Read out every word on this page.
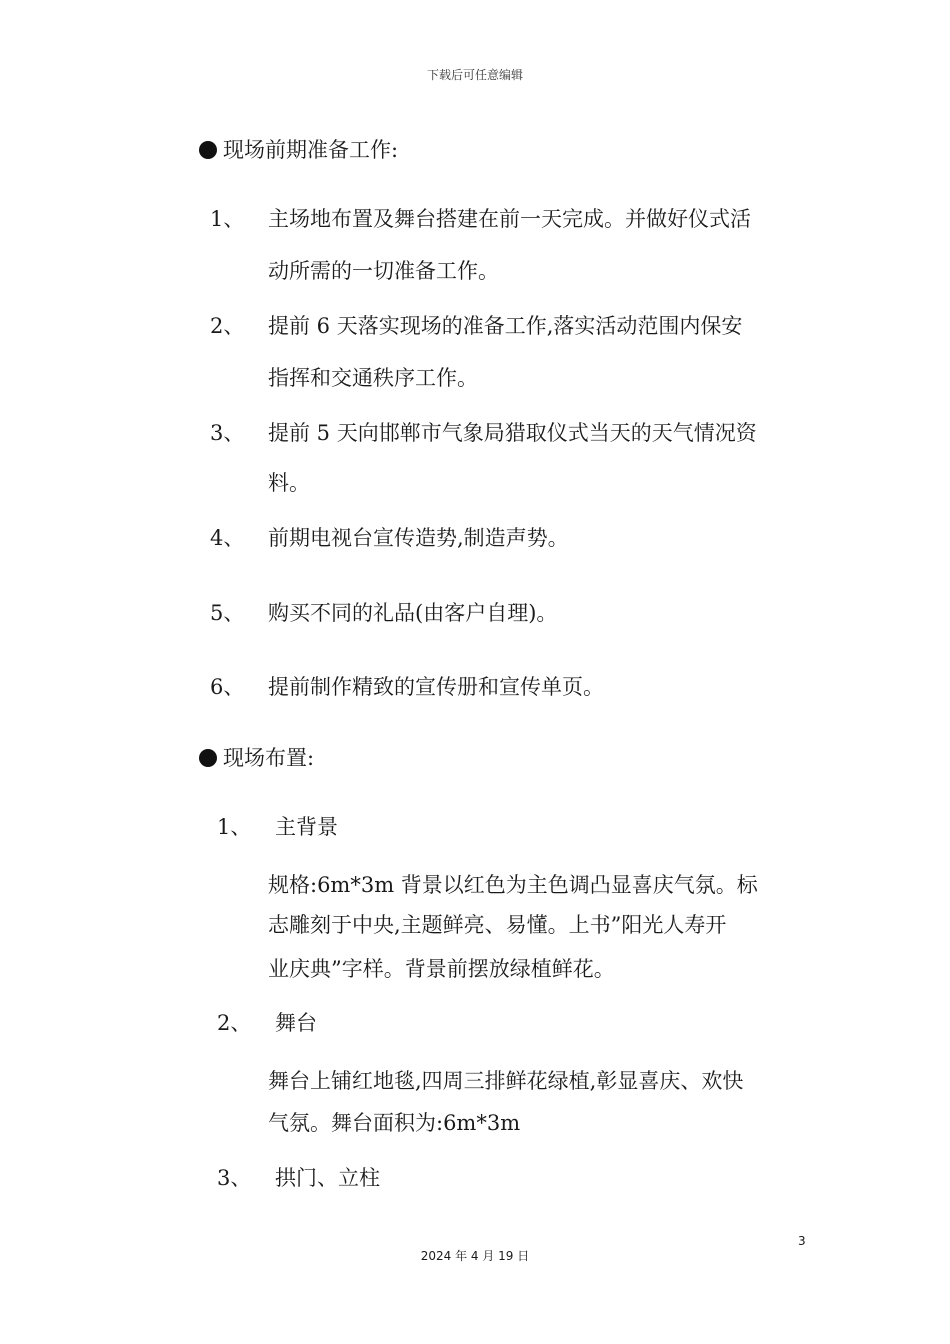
下载后可任意编辑
现场前期准备工作:
1、 主场地布置及舞台搭建在前一天完成。并做好仪式活
动所需的一切准备工作。
2、 提前 6 天落实现场的准备工作,落实活动范围内保安
指挥和交通秩序工作。
3、 提前 5 天向邯郸市气象局猎取仪式当天的天气情况资
料。
4、 前期电视台宣传造势,制造声势。
5、 购买不同的礼品(由客户自理)。
6、 提前制作精致的宣传册和宣传单页。
现场布置:
1、 主背景
规格:6m*3m 背景以红色为主色调凸显喜庆气氛。标
志雕刻于中央,主题鲜亮、易懂。上书”阳光人寿开
业庆典”字样。背景前摆放绿植鲜花。
2、 舞台
舞台上铺红地毯,四周三排鲜花绿植,彰显喜庆、欢快
气氛。舞台面积为:6m*3m
3、 拱门、立柱
3
2024 年 4 月 19 日
